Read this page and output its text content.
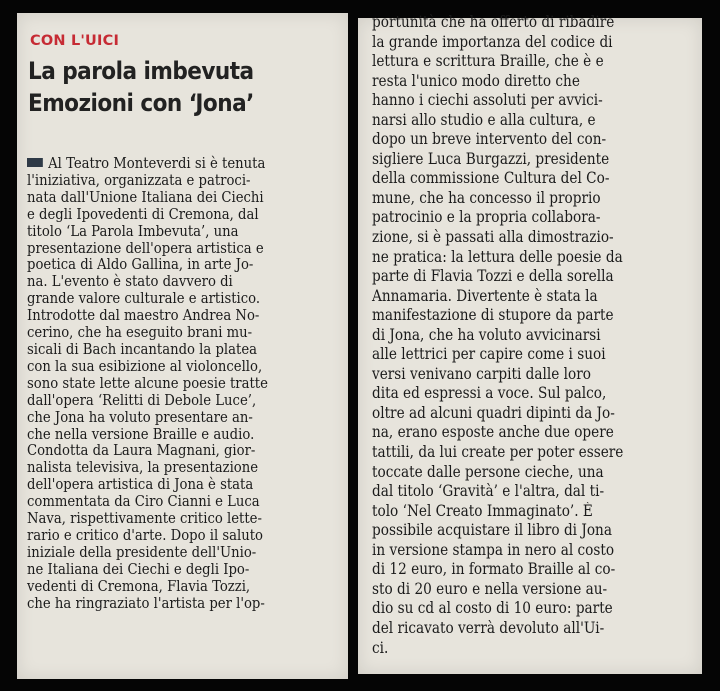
CON L'UICI
La parola imbevuta
Emozioni con ‘Jona’
Al Teatro Monteverdi si è tenuta
l'iniziativa, organizzata e patroci-
nata dall'Unione Italiana dei Ciechi
e degli Ipovedenti di Cremona, dal
titolo ‘La Parola Imbevuta’, una
presentazione dell'opera artistica e
poetica di Aldo Gallina, in arte Jo-
na. L'evento è stato davvero di
grande valore culturale e artistico.
Introdotte dal maestro Andrea No-
cerino, che ha eseguito brani mu-
sicali di Bach incantando la platea
con la sua esibizione al violoncello,
sono state lette alcune poesie tratte
dall'opera ‘Relitti di Debole Luce’,
che Jona ha voluto presentare an-
che nella versione Braille e audio.
Condotta da Laura Magnani, gior-
nalista televisiva, la presentazione
dell'opera artistica di Jona è stata
commentata da Ciro Cianni e Luca
Nava, rispettivamente critico lette-
rario e critico d'arte. Dopo il saluto
iniziale della presidente dell'Unio-
ne Italiana dei Ciechi e degli Ipo-
vedenti di Cremona, Flavia Tozzi,
che ha ringraziato l'artista per l'op-
portunità che ha offerto di ribadire
la grande importanza del codice di
lettura e scrittura Braille, che è e
resta l'unico modo diretto che
hanno i ciechi assoluti per avvici-
narsi allo studio e alla cultura, e
dopo un breve intervento del con-
sigliere Luca Burgazzi, presidente
della commissione Cultura del Co-
mune, che ha concesso il proprio
patrocinio e la propria collabora-
zione, si è passati alla dimostrazio-
ne pratica: la lettura delle poesie da
parte di Flavia Tozzi e della sorella
Annamaria. Divertente è stata la
manifestazione di stupore da parte
di Jona, che ha voluto avvicinarsi
alle lettrici per capire come i suoi
versi venivano carpiti dalle loro
dita ed espressi a voce. Sul palco,
oltre ad alcuni quadri dipinti da Jo-
na, erano esposte anche due opere
tattili, da lui create per poter essere
toccate dalle persone cieche, una
dal titolo ‘Gravità’ e l'altra, dal ti-
tolo ‘Nel Creato Immaginato’. È
possibile acquistare il libro di Jona
in versione stampa in nero al costo
di 12 euro, in formato Braille al co-
sto di 20 euro e nella versione au-
dio su cd al costo di 10 euro: parte
del ricavato verrà devoluto all'Ui-
ci.
